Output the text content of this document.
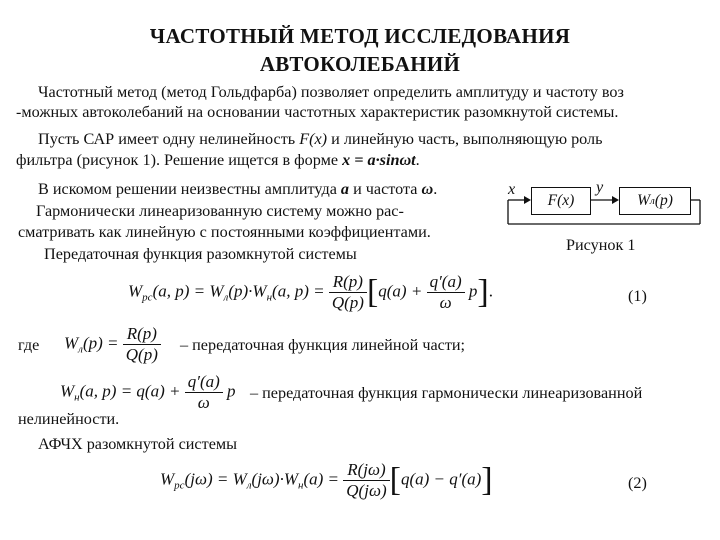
ЧАСТОТНЫЙ МЕТОД ИССЛЕДОВАНИЯ
АВТОКОЛЕБАНИЙ
Частотный метод (метод Гольдфарба) позволяет определить амплитуду и частоту воз
-можных автоколебаний на основании частотных характеристик разомкнутой системы.
Пусть САР имеет одну нелинейность F(x) и линейную часть, выполняющую роль
фильтра (рисунок 1). Решение ищется в форме x = a·sinωt.
В искомом решении неизвестны амплитуда a и частота ω.
Гармонически линеаризованную систему можно рас-
сматривать как линейную с постоянными коэффициентами.
Передаточная функция разомкнутой системы
x	y
F(x)	W л (p)
Рисунок 1
$W_{рс}(a$, $p) = W_л(p)\cdot W_н(a$, $p) = \frac{R(p)}{Q(p)} [q(a) + \frac{q'(a)}{\omega} p]$.	(1)
где $W_л(p) = \frac{R(p)}{Q(p)}$ – передаточная функция линейной части;
$W_н(a$, $p) = q(a) + \frac{q'(a)}{\omega}$ p – передаточная функция гармонически линеаризованной
нелинейности.
АФЧХ разомкнутой системы
$W_{рс}(j\omega) = W_л(j\omega)\cdot W_н(a) = \frac{R(j\omega)}{Q(j\omega)} [q(a) - q'(a)]$	(2)
